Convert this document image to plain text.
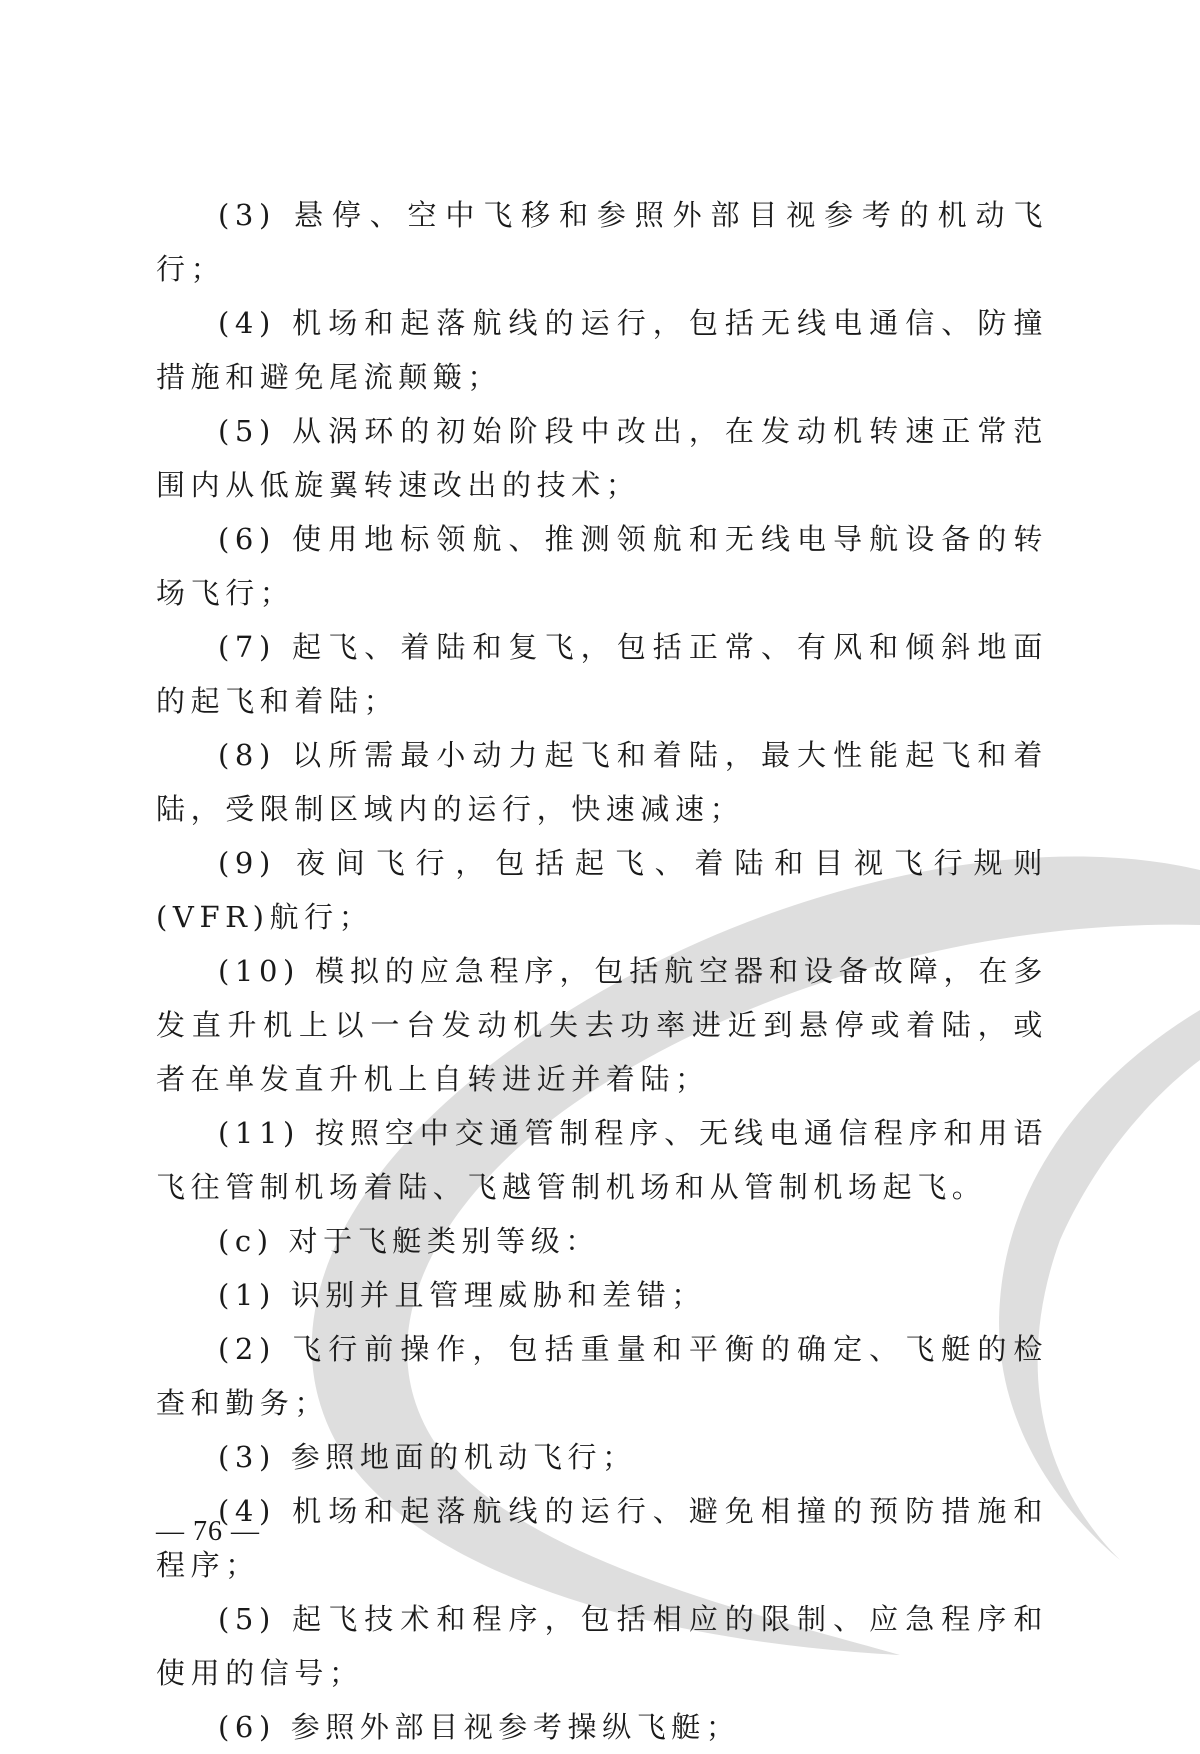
(3) 悬停、空中飞移和参照外部目视参考的机动飞行；

(4) 机场和起落航线的运行，包括无线电通信、防撞措施和避免尾流颠簸；

(5) 从涡环的初始阶段中改出，在发动机转速正常范围内从低旋翼转速改出的技术；

(6) 使用地标领航、推测领航和无线电导航设备的转场飞行；

(7) 起飞、着陆和复飞，包括正常、有风和倾斜地面的起飞和着陆；

(8) 以所需最小动力起飞和着陆，最大性能起飞和着陆，受限制区域内的运行，快速减速；

(9) 夜间飞行，包括起飞、着陆和目视飞行规则(VFR)航行；

(10) 模拟的应急程序，包括航空器和设备故障，在多发直升机上以一台发动机失去功率进近到悬停或着陆，或者在单发直升机上自转进近并着陆；

(11) 按照空中交通管制程序、无线电通信程序和用语飞往管制机场着陆、飞越管制机场和从管制机场起飞。

(c) 对于飞艇类别等级：

(1) 识别并且管理威胁和差错；

(2) 飞行前操作，包括重量和平衡的确定、飞艇的检查和勤务；

(3) 参照地面的机动飞行；

(4) 机场和起落航线的运行、避免相撞的预防措施和程序；

(5) 起飞技术和程序，包括相应的限制、应急程序和使用的信号；

(6) 参照外部目视参考操纵飞艇；

— 76 —
